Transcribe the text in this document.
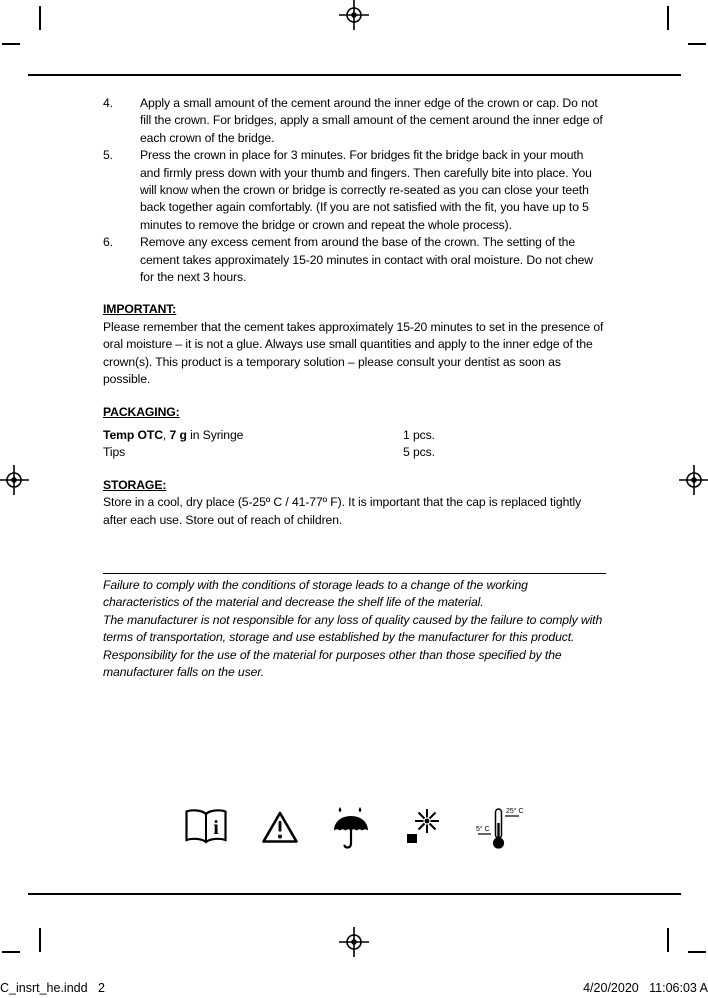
4.	Apply a small amount of the cement around the inner edge of the crown or cap. Do not fill the crown. For bridges, apply a small amount of the cement around the inner edge of each crown of the bridge.
5.	Press the crown in place for 3 minutes. For bridges fit the bridge back in your mouth and firmly press down with your thumb and fingers. Then carefully bite into place. You will know when the crown or bridge is correctly re-seated as you can close your teeth back together again comfortably. (If you are not satisfied with the fit, you have up to 5 minutes to remove the bridge or crown and repeat the whole process).
6.	Remove any excess cement from around the base of the crown. The setting of the cement takes approximately 15-20 minutes in contact with oral moisture. Do not chew for the next 3 hours.

IMPORTANT:

Please remember that the cement takes approximately 15-20 minutes to set in the presence of oral moisture – it is not a glue. Always use small quantities and apply to the inner edge of the crown(s). This product is a temporary solution – please consult your dentist as soon as possible.

PACKAGING:

Temp OTC, 7 g in Syringe	1 pcs.
Tips	5 pcs.

STORAGE:

Store in a cool, dry place (5-25º C / 41-77º F). It is important that the cap is replaced tightly after each use. Store out of reach of children.

Failure to comply with the conditions of storage leads to a change of the working characteristics of the material and decrease the shelf life of the material.

The manufacturer is not responsible for any loss of quality caused by the failure to comply with terms of transportation, storage and use established by the manufacturer for this product. Responsibility for the use of the material for purposes other than those specified by the manufacturer falls on the user.

i	5° C
25° C
C_insrt_he.indd   2	4/20/2020   11:06:03 A
